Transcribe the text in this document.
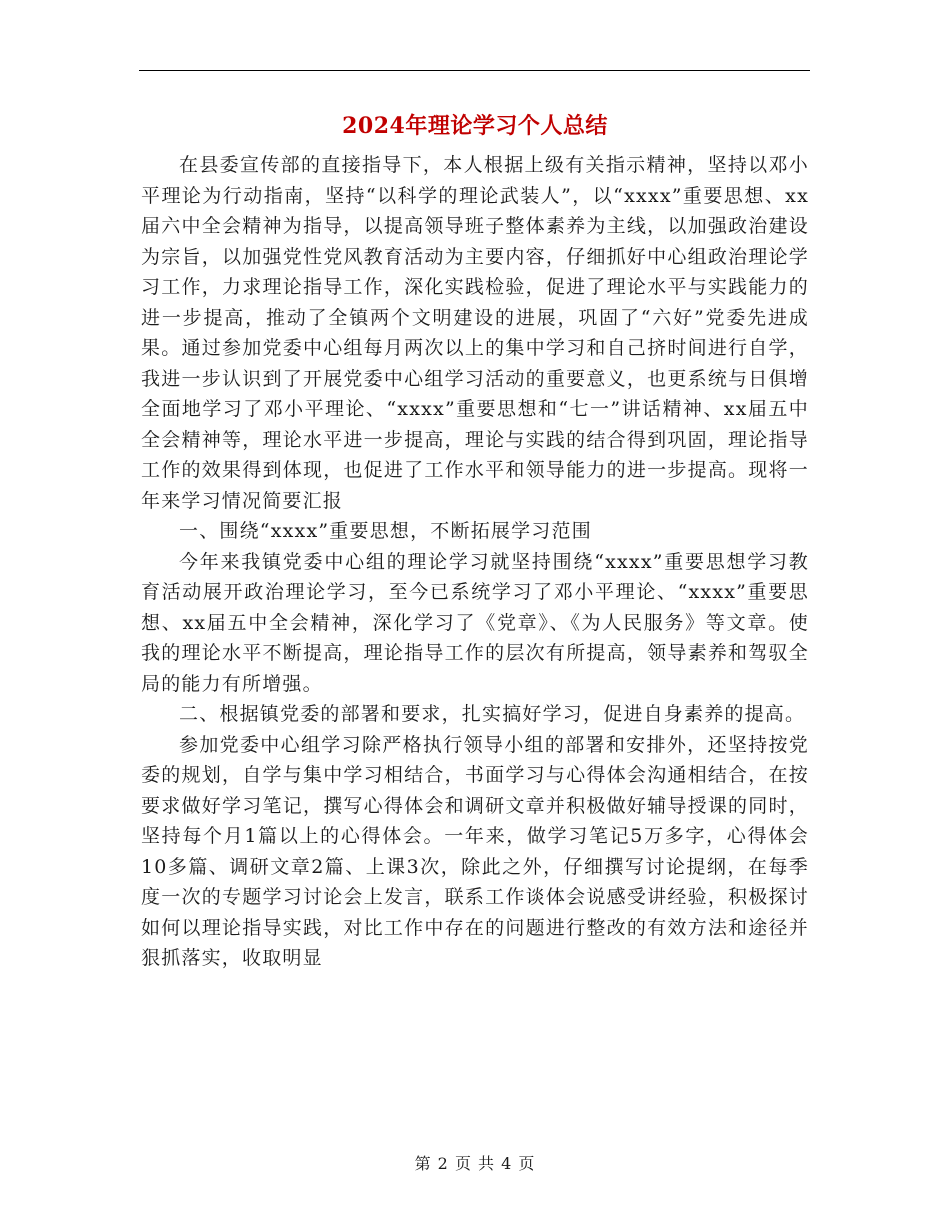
2024年理论学习个人总结

在县委宣传部的直接指导下，本人根据上级有关指示精神，坚持以邓小平理论为行动指南，坚持“以科学的理论武装人”，以“xxxx”重要思想、xx届六中全会精神为指导，以提高领导班子整体素养为主线，以加强政治建设为宗旨，以加强党性党风教育活动为主要内容，仔细抓好中心组政治理论学习工作，力求理论指导工作，深化实践检验，促进了理论水平与实践能力的进一步提高，推动了全镇两个文明建设的进展，巩固了“六好”党委先进成果。通过参加党委中心组每月两次以上的集中学习和自己挤时间进行自学，我进一步认识到了开展党委中心组学习活动的重要意义，也更系统与日俱增全面地学习了邓小平理论、“xxxx”重要思想和“七一”讲话精神、xx届五中全会精神等，理论水平进一步提高，理论与实践的结合得到巩固，理论指导工作的效果得到体现，也促进了工作水平和领导能力的进一步提高。现将一年来学习情况简要汇报

一、围绕“xxxx”重要思想，不断拓展学习范围

今年来我镇党委中心组的理论学习就坚持围绕“xxxx”重要思想学习教育活动展开政治理论学习，至今已系统学习了邓小平理论、“xxxx”重要思想、xx届五中全会精神，深化学习了《党章》、《为人民服务》等文章。使我的理论水平不断提高，理论指导工作的层次有所提高，领导素养和驾驭全局的能力有所增强。

二、根据镇党委的部署和要求，扎实搞好学习，促进自身素养的提高。

参加党委中心组学习除严格执行领导小组的部署和安排外，还坚持按党委的规划，自学与集中学习相结合，书面学习与心得体会沟通相结合，在按要求做好学习笔记，撰写心得体会和调研文章并积极做好辅导授课的同时，坚持每个月1篇以上的心得体会。一年来，做学习笔记5万多字，心得体会10多篇、调研文章2篇、上课3次，除此之外，仔细撰写讨论提纲，在每季度一次的专题学习讨论会上发言，联系工作谈体会说感受讲经验，积极探讨如何以理论指导实践，对比工作中存在的问题进行整改的有效方法和途径并狠抓落实，收取明显

第 2 页 共 4 页
